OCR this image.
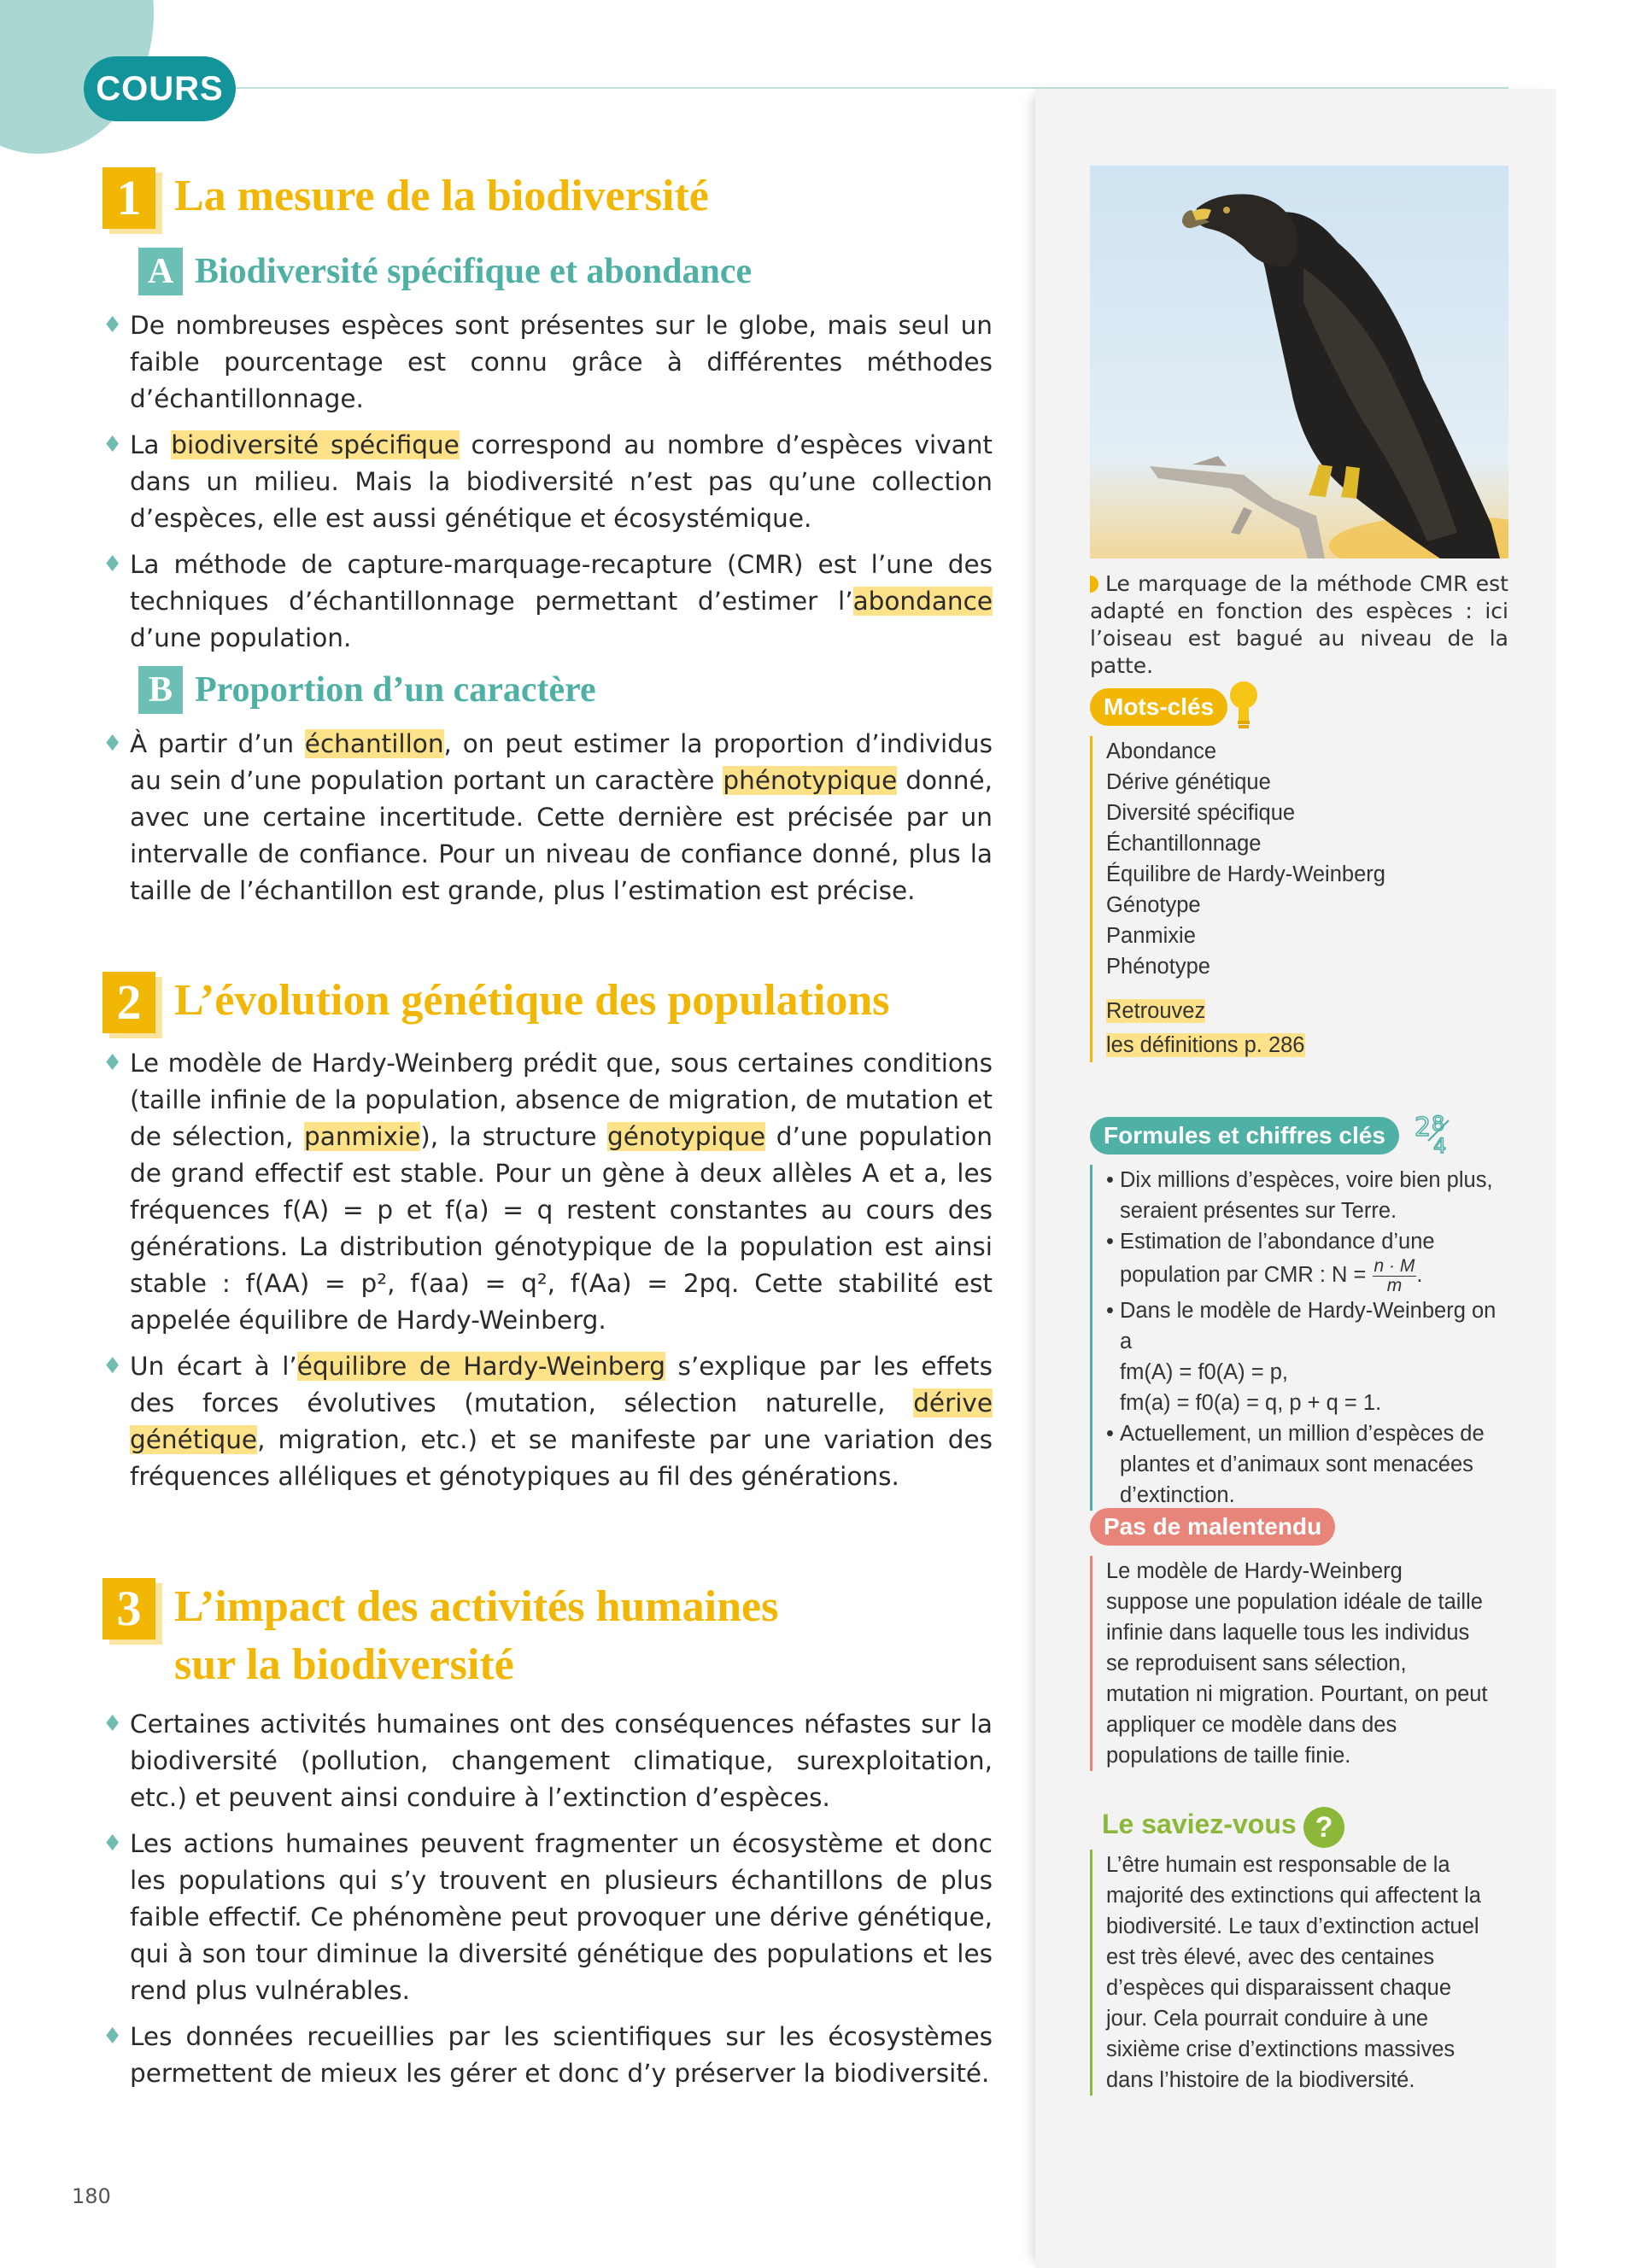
COURS
1 La mesure de la biodiversité
A Biodiversité spécifique et abondance

♦ De nombreuses espèces sont présentes sur le globe, mais seul un faible pourcentage est connu grâce à différentes méthodes d’échantillonnage.

♦ La biodiversité spécifique correspond au nombre d’espèces vivant dans un milieu. Mais la biodiversité n’est pas qu’une collection d’espèces, elle est aussi génétique et écosystémique.

♦ La méthode de capture-marquage-recapture (CMR) est l’une des techniques d’échantillonnage permettant d’estimer l’abondance d’une population.

B Proportion d’un caractère

♦ À partir d’un échantillon, on peut estimer la proportion d’individus au sein d’une population portant un caractère phénotypique donné, avec une certaine incertitude. Cette dernière est précisée par un intervalle de confiance. Pour un niveau de confiance donné, plus la taille de l’échantillon est grande, plus l’estimation est précise.

2 L’évolution génétique des populations

♦ Le modèle de Hardy-Weinberg prédit que, sous certaines conditions (taille infinie de la population, absence de migration, de mutation et de sélection, panmixie), la structure génotypique d’une population de grand effectif est stable. Pour un gène à deux allèles A et a, les fréquences f(A) = p et f(a) = q restent constantes au cours des générations. La distribution génotypique de la population est ainsi stable : f(AA) = p², f(aa) = q², f(Aa) = 2pq. Cette stabilité est appelée équilibre de Hardy-Weinberg.

♦ Un écart à l’équilibre de Hardy-Weinberg s’explique par les effets des forces évolutives (mutation, sélection naturelle, dérive génétique, migration, etc.) et se manifeste par une variation des fréquences alléliques et génotypiques au fil des générations.

3 L’impact des activités humaines
sur la biodiversité

♦ Certaines activités humaines ont des conséquences néfastes sur la biodiversité (pollution, changement climatique, surexploitation, etc.) et peuvent ainsi conduire à l’extinction d’espèces.

♦ Les actions humaines peuvent fragmenter un écosystème et donc les populations qui s’y trouvent en plusieurs échantillons de plus faible effectif. Ce phénomène peut provoquer une dérive génétique, qui à son tour diminue la diversité génétique des populations et les rend plus vulnérables.

♦ Les données recueillies par les scientifiques sur les écosystèmes permettent de mieux les gérer et donc d’y préserver la biodiversité.

Le marquage de la méthode CMR est adapté en fonction des espèces : ici l’oiseau est bagué au niveau de la patte.
Mots-clés
Abondance
Dérive génétique
Diversité spécifique
Échantillonnage
Équilibre de Hardy-Weinberg
Génotype
Panmixie
Phénotype
Retrouvez
les définitions p. 286
Formules et chiffres clés	2 8
4
• Dix millions d’espèces, voire bien plus, seraient présentes sur Terre.
• Estimation de l’abondance d’une population par CMR : $N = \frac{n \cdot M}{m}$ .
• Dans le modèle de Hardy-Weinberg on a
fm(A) = f0(A) = p,
fm(a) = f0(a) = q, p + q = 1.
• Actuellement, un million d’espèces de plantes et d’animaux sont menacées d’extinction.
Pas de malentendu
Le modèle de Hardy-Weinberg suppose une population idéale de taille infinie dans laquelle tous les individus se reproduisent sans sélection, mutation ni migration. Pourtant, on peut appliquer ce modèle dans des populations de taille finie.
Le saviez-vous ?
L’être humain est responsable de la majorité des extinctions qui affectent la biodiversité. Le taux d’extinction actuel est très élevé, avec des centaines d’espèces qui disparaissent chaque jour. Cela pourrait conduire à une sixième crise d’extinctions massives dans l’histoire de la biodiversité.
180
